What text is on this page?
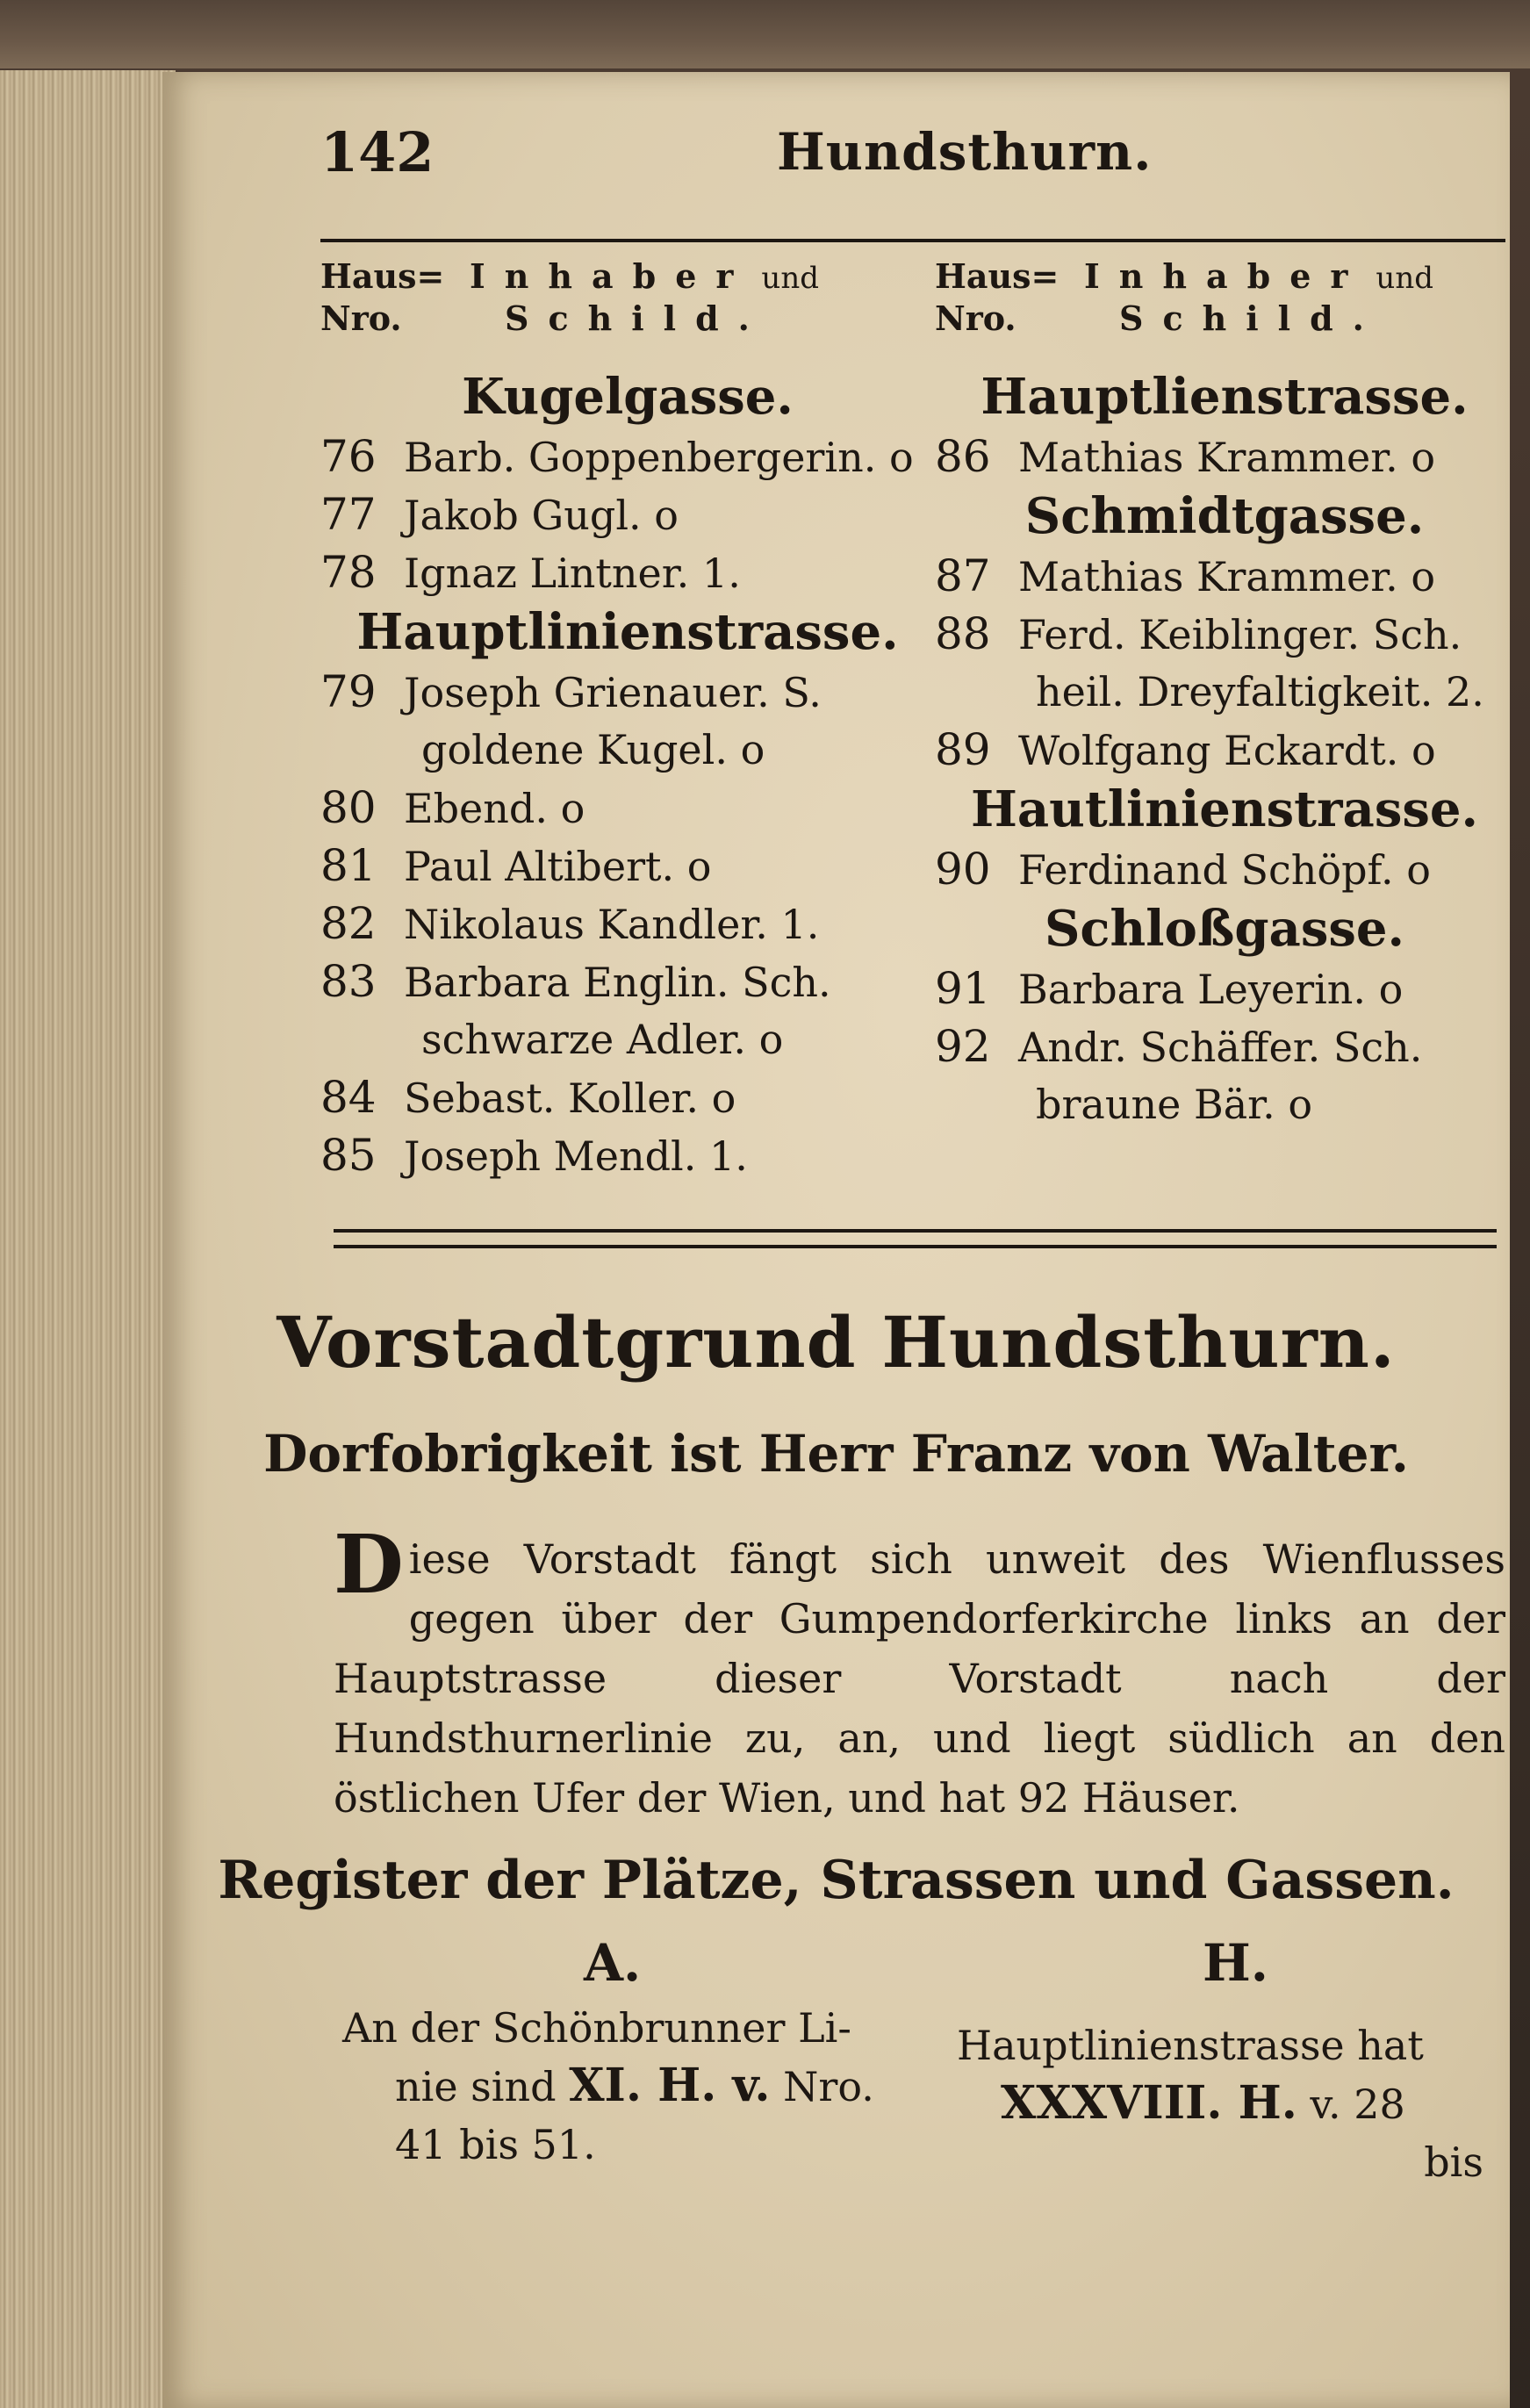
142	Hundsthurn.
Haus= Inhaber und
Nro.	Schild.
Haus= Inhaber und
Nro.	Schild.
Kugelgasse.
76 Barb. Goppenbergerin. o
77 Jakob Gugl. o
78 Ignaz Lintner. 1.
Hauptlinienstrasse.
79 Joseph Grienauer. S.
goldene Kugel. o
80 Ebend. o
81 Paul Altibert. o
82 Nikolaus Kandler. 1.
83 Barbara Englin. Sch.
schwarze Adler. o
84 Sebast. Koller. o
85 Joseph Mendl. 1.
Hauptlienstrasse.
86 Mathias Krammer. o
Schmidtgasse.
87 Mathias Krammer. o
88 Ferd. Keiblinger. Sch.
heil. Dreyfaltigkeit. 2.
89 Wolfgang Eckardt. o
Hautlinienstrasse.
90 Ferdinand Schöpf. o
Schloßgasse.
91 Barbara Leyerin. o
92 Andr. Schäffer. Sch.
braune Bär. o
Vorstadtgrund Hundsthurn.
Dorfobrigkeit ist Herr Franz von Walter.
Diese Vorstadt fängt sich unweit des Wienflusses gegen über der Gumpendorferkirche links an der Hauptstrasse dieser Vorstadt nach der Hundsthurnerlinie zu, an, und liegt südlich an den östlichen Ufer der Wien, und hat 92 Häuser.
Register der Plätze, Strassen und Gassen.
A.	H.
An der Schönbrunner Li-
nie sind XI. H. v. Nro.
41 bis 51.
Hauptlinienstrasse hat
XXXVIII. H. v. 28
bis
